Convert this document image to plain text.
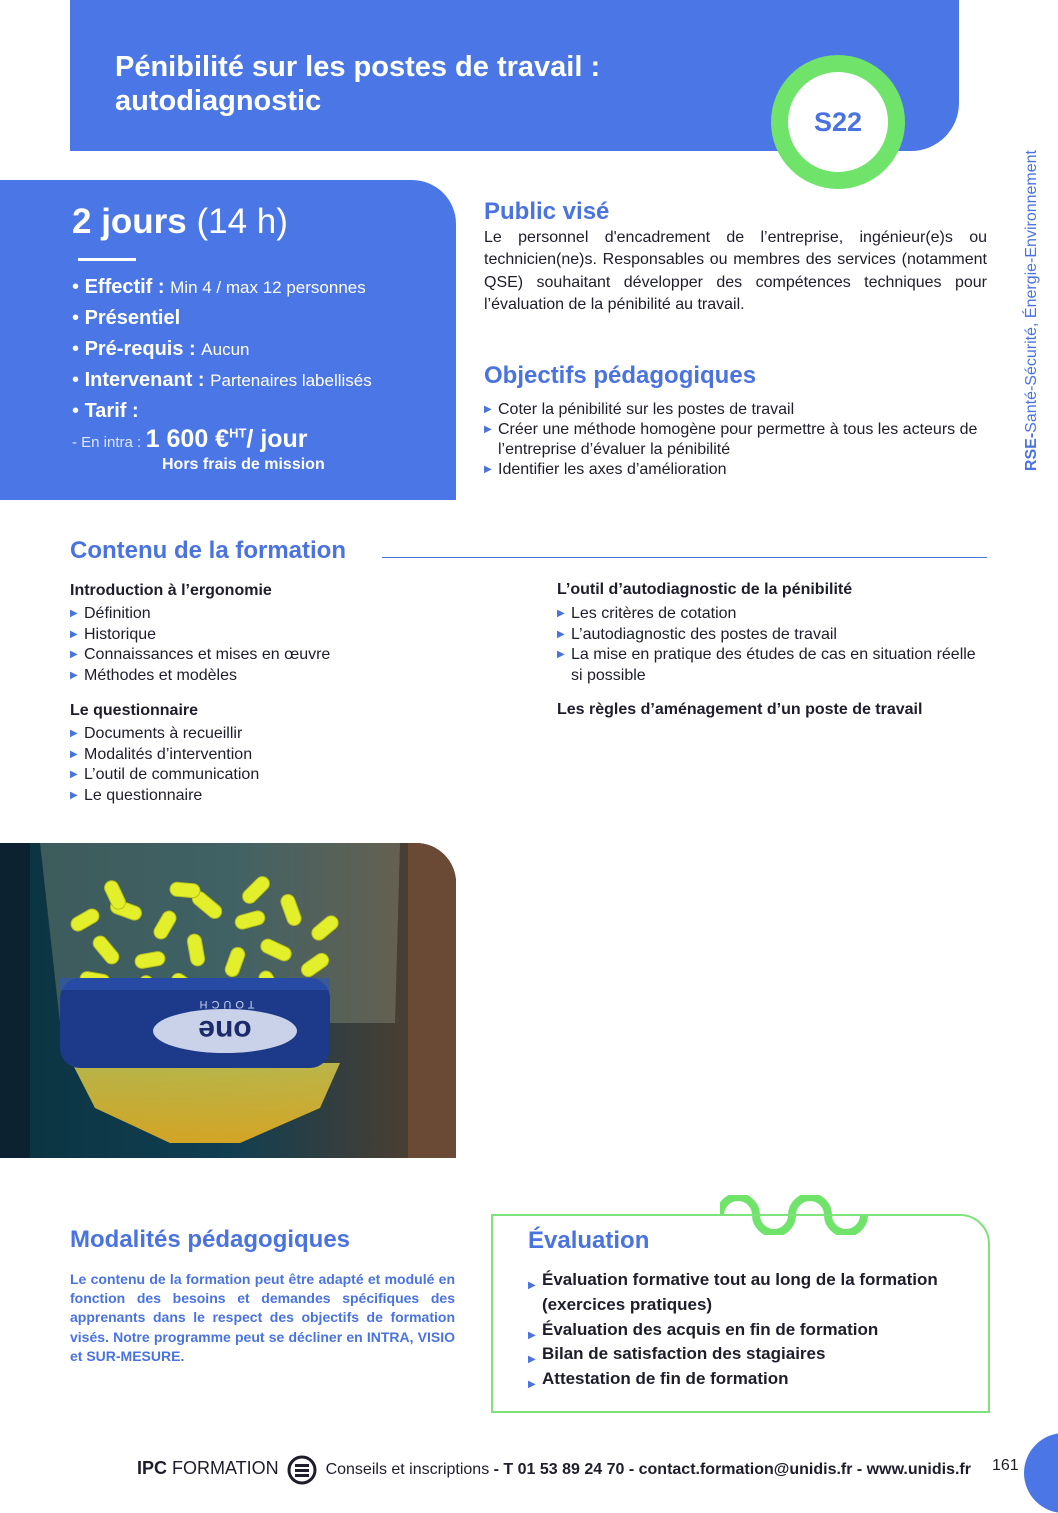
Pénibilité sur les postes de travail : autodiagnostic
S22
RSE-Santé-Sécurité, Énergie-Environnement
2 jours (14 h)
• Effectif : Min 4 / max 12 personnes
• Présentiel
• Pré-requis : Aucun
• Intervenant : Partenaires labellisés
• Tarif :
- En intra : 1 600 €$^{HT}$/ jour
Hors frais de mission
Public visé
Le personnel d'encadrement de l’entreprise, ingénieur(e)s ou technicien(ne)s. Responsables ou membres des services (notamment QSE) souhaitant développer des compétences techniques pour l’évaluation de la pénibilité au travail.
Objectifs pédagogiques
▶ Coter la pénibilité sur les postes de travail
▶ Créer une méthode homogène pour permettre à tous les acteurs de l’entreprise d’évaluer la pénibilité
▶ Identifier les axes d’amélioration
Contenu de la formation
Introduction à l’ergonomie
▶ Définition
▶ Historique
▶ Connaissances et mises en œuvre
▶ Méthodes et modèles
Le questionnaire
▶ Documents à recueillir
▶ Modalités d’intervention
▶ L’outil de communication
▶ Le questionnaire
L’outil d’autodiagnostic de la pénibilité
▶ Les critères de cotation
▶ L’autodiagnostic des postes de travail
▶ La mise en pratique des études de cas en situation réelle si possible
Les règles d’aménagement d’un poste de travail
one
TOUCH
Modalités pédagogiques
Le contenu de la formation peut être adapté et modulé en fonction des besoins et demandes spécifiques des apprenants dans le respect des objectifs de formation visés. Notre programme peut se décliner en INTRA, VISIO et SUR-MESURE.
Évaluation
▶ Évaluation formative tout au long de la formation (exercices pratiques)
▶ Évaluation des acquis en fin de formation
▶ Bilan de satisfaction des stagiaires
▶ Attestation de fin de formation
IPC FORMATION	Conseils et inscriptions - T 01 53 89 24 70 - contact.formation@unidis.fr - www.unidis.fr 161
